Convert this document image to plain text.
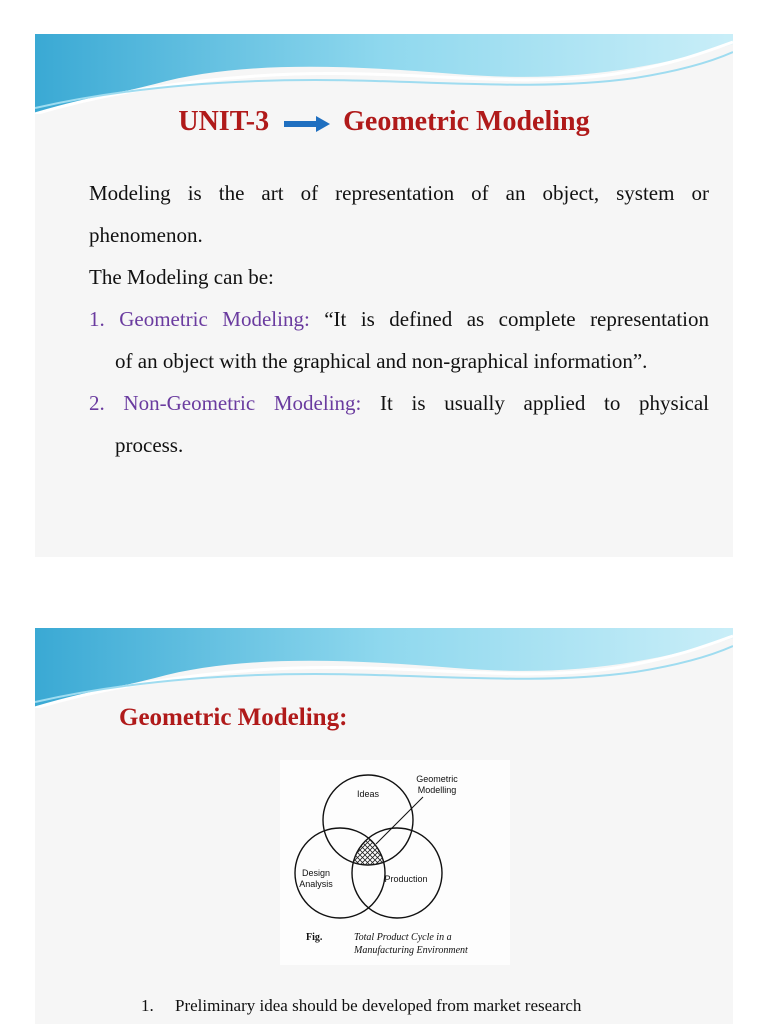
UNIT-3	Geometric Modeling

Modeling is the art of representation of an object, system or

phenomenon.

The Modeling can be:

1. Geometric Modeling: “It is defined as complete representation

of an object with the graphical and non-graphical information”.

2. Non-Geometric Modeling: It is usually applied to physical

process.

Geometric Modeling:
Ideas
Geometric
Modelling
Design
Analysis	Production
Fig.	Total Product Cycle in a
Manufacturing Environment
1. Preliminary idea should be developed from market research
